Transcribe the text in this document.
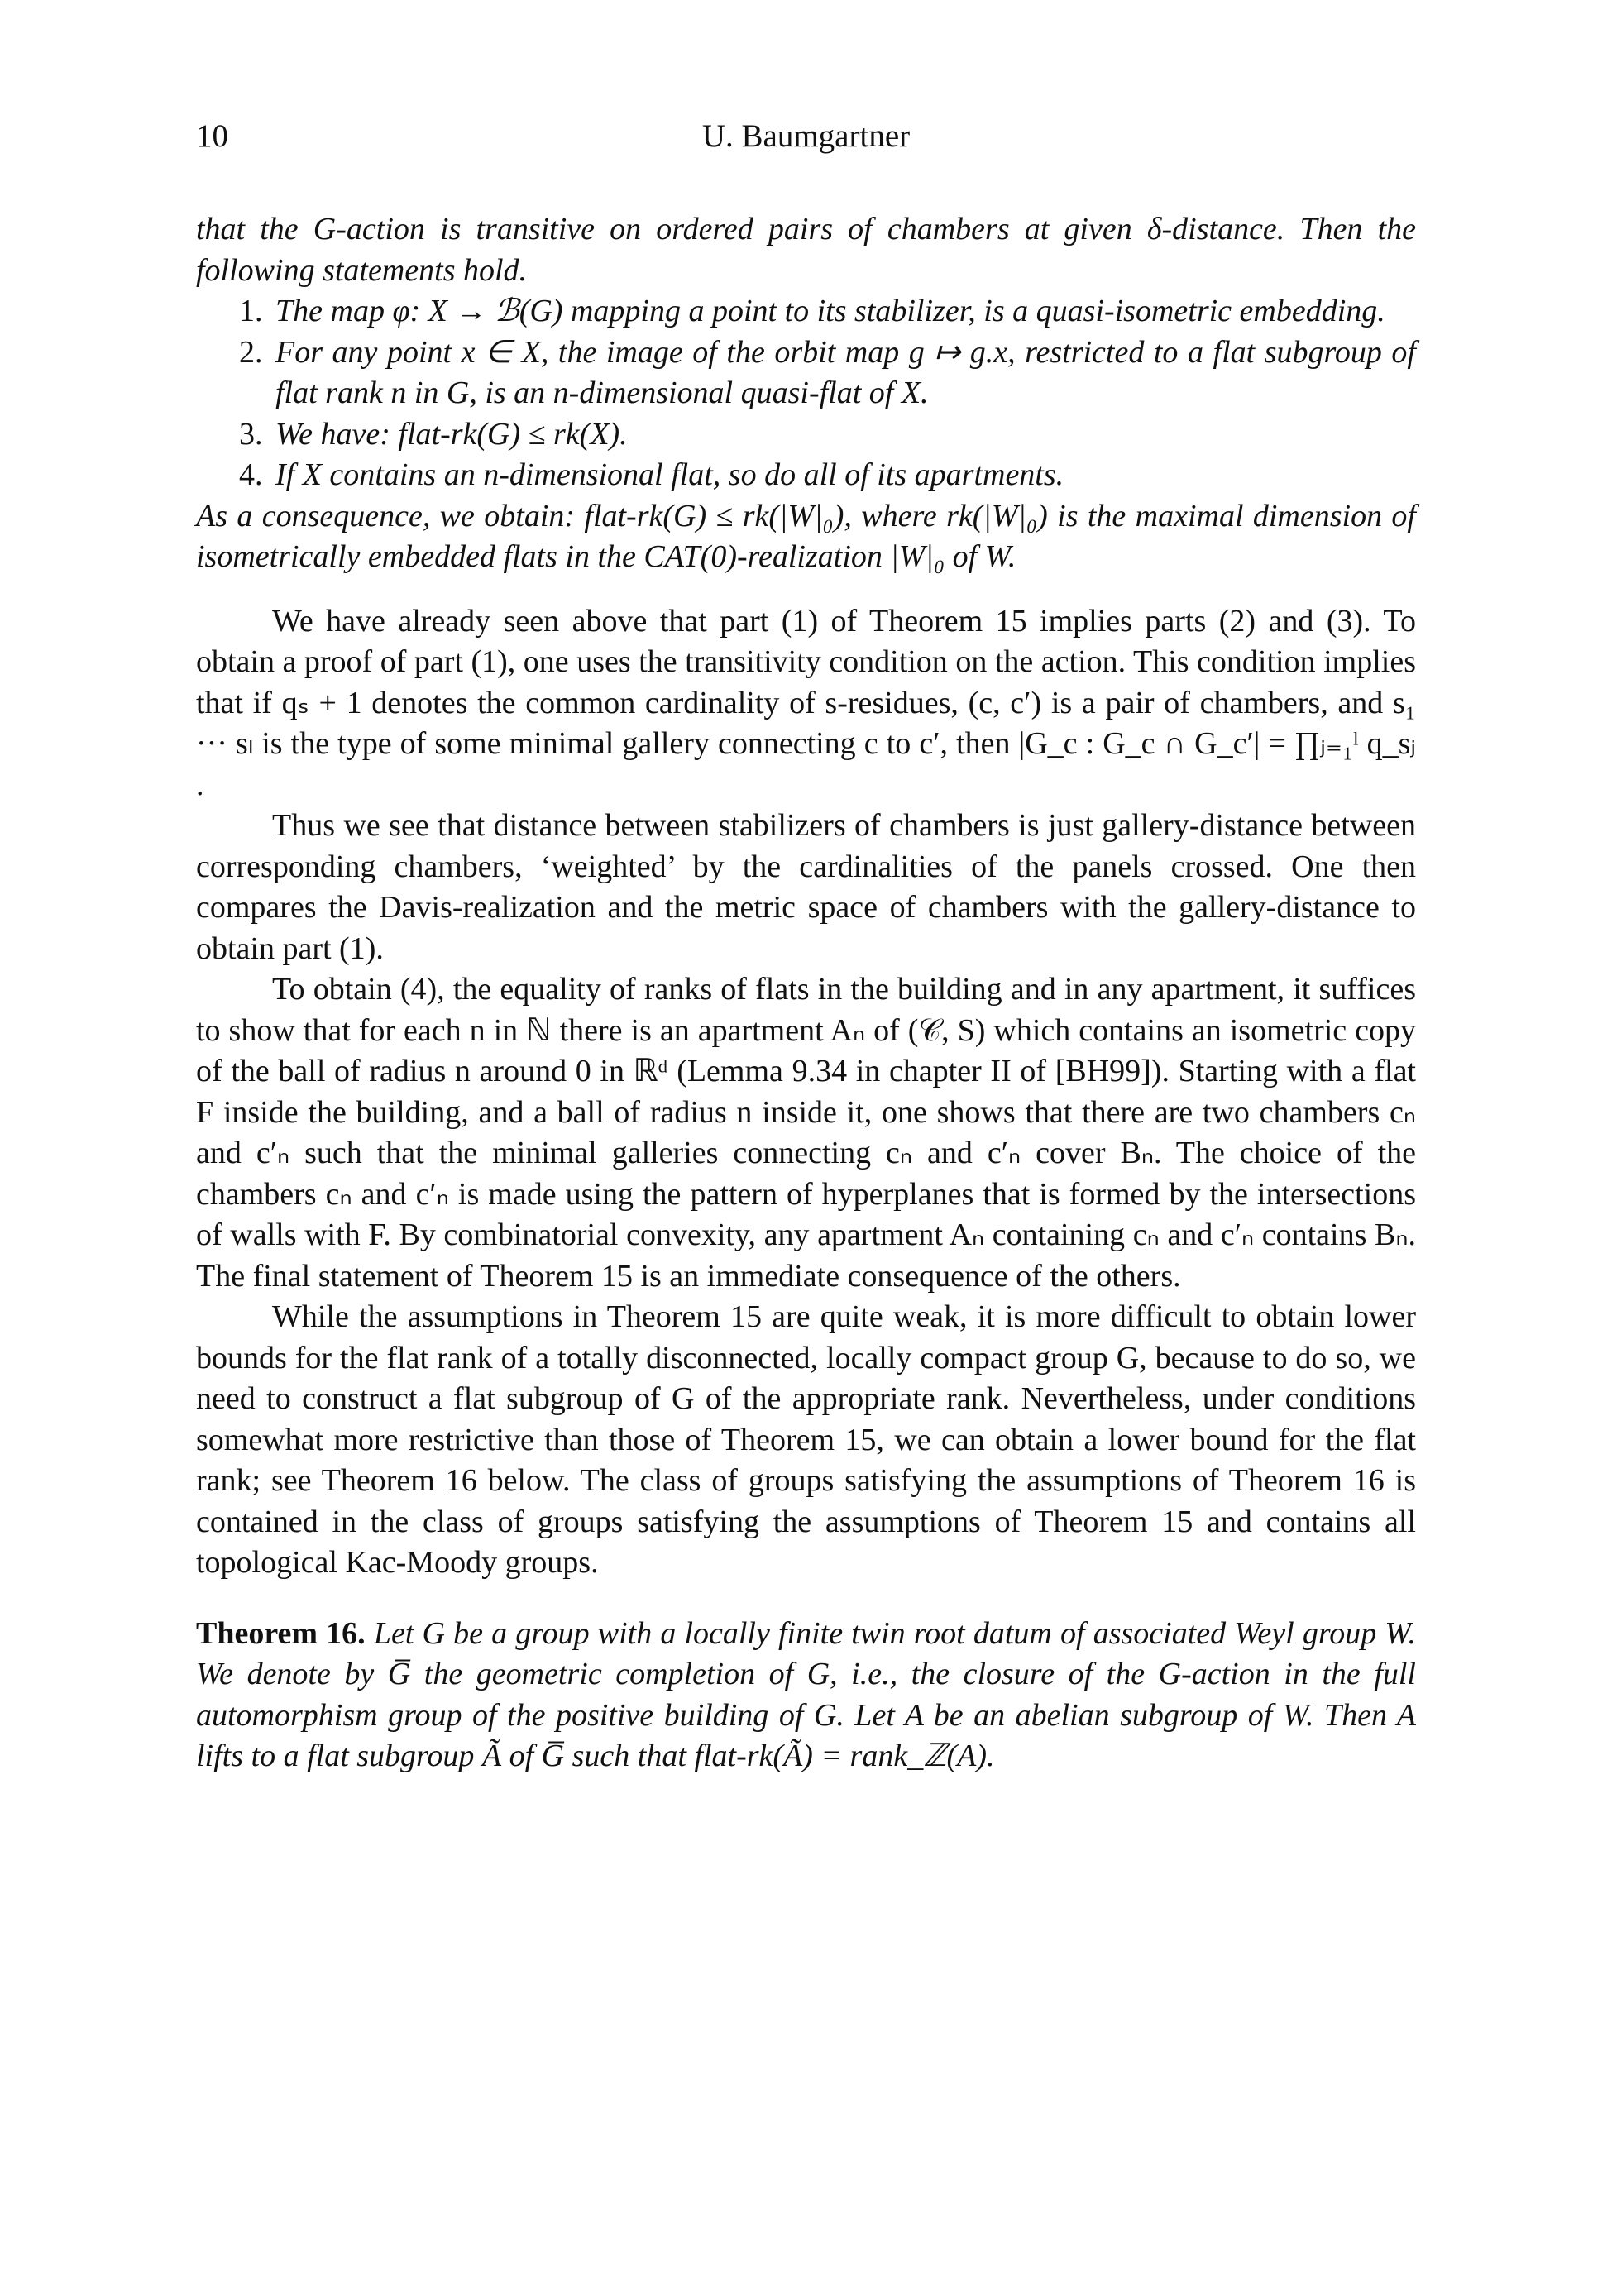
10	U. Baumgartner

that the G-action is transitive on ordered pairs of chambers at given δ-distance. Then the following statements hold.

1. The map φ: X → ℬ(G) mapping a point to its stabilizer, is a quasi-isometric embedding.
2. For any point x ∈ X, the image of the orbit map g ↦ g.x, restricted to a flat subgroup of flat rank n in G, is an n-dimensional quasi-flat of X.
3. We have: flat-rk(G) ≤ rk(X).
4. If X contains an n-dimensional flat, so do all of its apartments.

As a consequence, we obtain: flat-rk(G) ≤ rk(|W|₀), where rk(|W|₀) is the maximal dimension of isometrically embedded flats in the CAT(0)-realization |W|₀ of W.

We have already seen above that part (1) of Theorem 15 implies parts (2) and (3). To obtain a proof of part (1), one uses the transitivity condition on the action. This condition implies that if qₛ + 1 denotes the common cardinality of s-residues, (c, c′) is a pair of chambers, and s₁ ··· sₗ is the type of some minimal gallery connecting c to c′, then |G_c : G_c ∩ G_c′| = ∏ⱼ₌₁ˡ q_sⱼ .

Thus we see that distance between stabilizers of chambers is just gallery-distance between corresponding chambers, ‘weighted’ by the cardinalities of the panels crossed. One then compares the Davis-realization and the metric space of chambers with the gallery-distance to obtain part (1).

To obtain (4), the equality of ranks of flats in the building and in any apartment, it suffices to show that for each n in ℕ there is an apartment Aₙ of (𝒞, S) which contains an isometric copy of the ball of radius n around 0 in ℝᵈ (Lemma 9.34 in chapter II of [BH99]). Starting with a flat F inside the building, and a ball of radius n inside it, one shows that there are two chambers cₙ and c′ₙ such that the minimal galleries connecting cₙ and c′ₙ cover Bₙ. The choice of the chambers cₙ and c′ₙ is made using the pattern of hyperplanes that is formed by the intersections of walls with F. By combinatorial convexity, any apartment Aₙ containing cₙ and c′ₙ contains Bₙ. The final statement of Theorem 15 is an immediate consequence of the others.

While the assumptions in Theorem 15 are quite weak, it is more difficult to obtain lower bounds for the flat rank of a totally disconnected, locally compact group G, because to do so, we need to construct a flat subgroup of G of the appropriate rank. Nevertheless, under conditions somewhat more restrictive than those of Theorem 15, we can obtain a lower bound for the flat rank; see Theorem 16 below. The class of groups satisfying the assumptions of Theorem 16 is contained in the class of groups satisfying the assumptions of Theorem 15 and contains all topological Kac-Moody groups.

Theorem 16. Let G be a group with a locally finite twin root datum of associated Weyl group W. We denote by G̅ the geometric completion of G, i.e., the closure of the G-action in the full automorphism group of the positive building of G. Let A be an abelian subgroup of W. Then A lifts to a flat subgroup Ã of G̅ such that flat-rk(Ã) = rank_ℤ(A).
